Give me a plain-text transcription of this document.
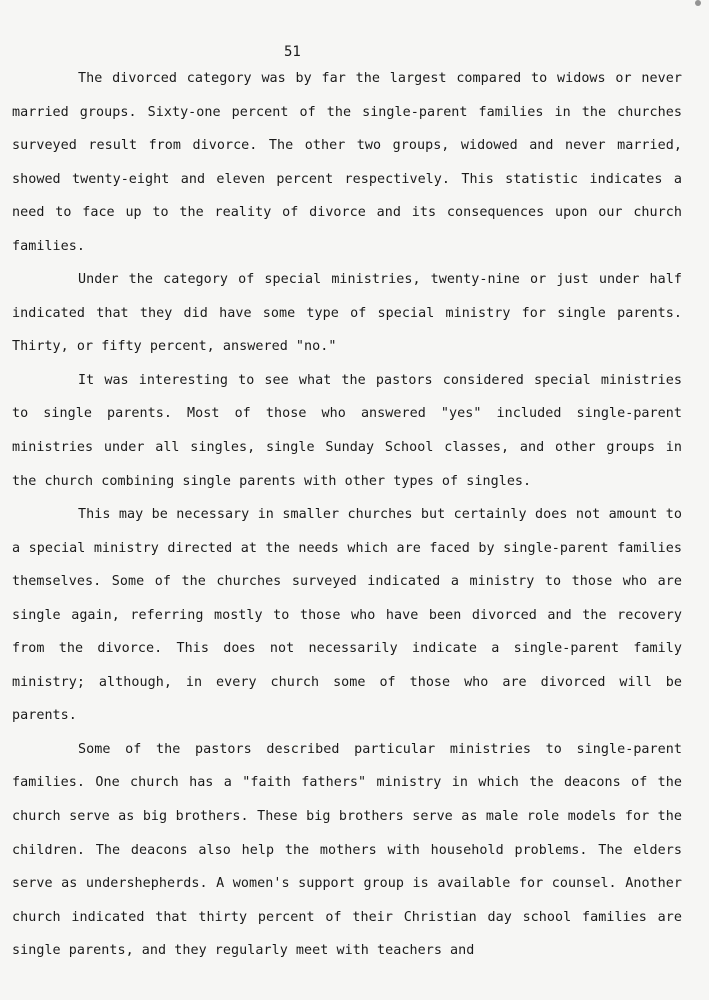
51

The divorced category was by far the largest compared to widows or never married groups. Sixty-one percent of the single-parent families in the churches surveyed result from divorce. The other two groups, widowed and never married, showed twenty-eight and eleven percent respectively. This statistic indicates a need to face up to the reality of divorce and its consequences upon our church families.

Under the category of special ministries, twenty-nine or just under half indicated that they did have some type of special ministry for single parents. Thirty, or fifty percent, answered "no."

It was interesting to see what the pastors considered special ministries to single parents. Most of those who answered "yes" included single-parent ministries under all singles, single Sunday School classes, and other groups in the church combining single parents with other types of singles.

This may be necessary in smaller churches but certainly does not amount to a special ministry directed at the needs which are faced by single-parent families themselves. Some of the churches surveyed indicated a ministry to those who are single again, referring mostly to those who have been divorced and the recovery from the divorce. This does not necessarily indicate a single-parent family ministry; although, in every church some of those who are divorced will be parents.

Some of the pastors described particular ministries to single-parent families. One church has a "faith fathers" ministry in which the deacons of the church serve as big brothers. These big brothers serve as male role models for the children. The deacons also help the mothers with household problems. The elders serve as undershepherds. A women's support group is available for counsel. Another church indicated that thirty percent of their Christian day school families are single parents, and they regularly meet with teachers and
